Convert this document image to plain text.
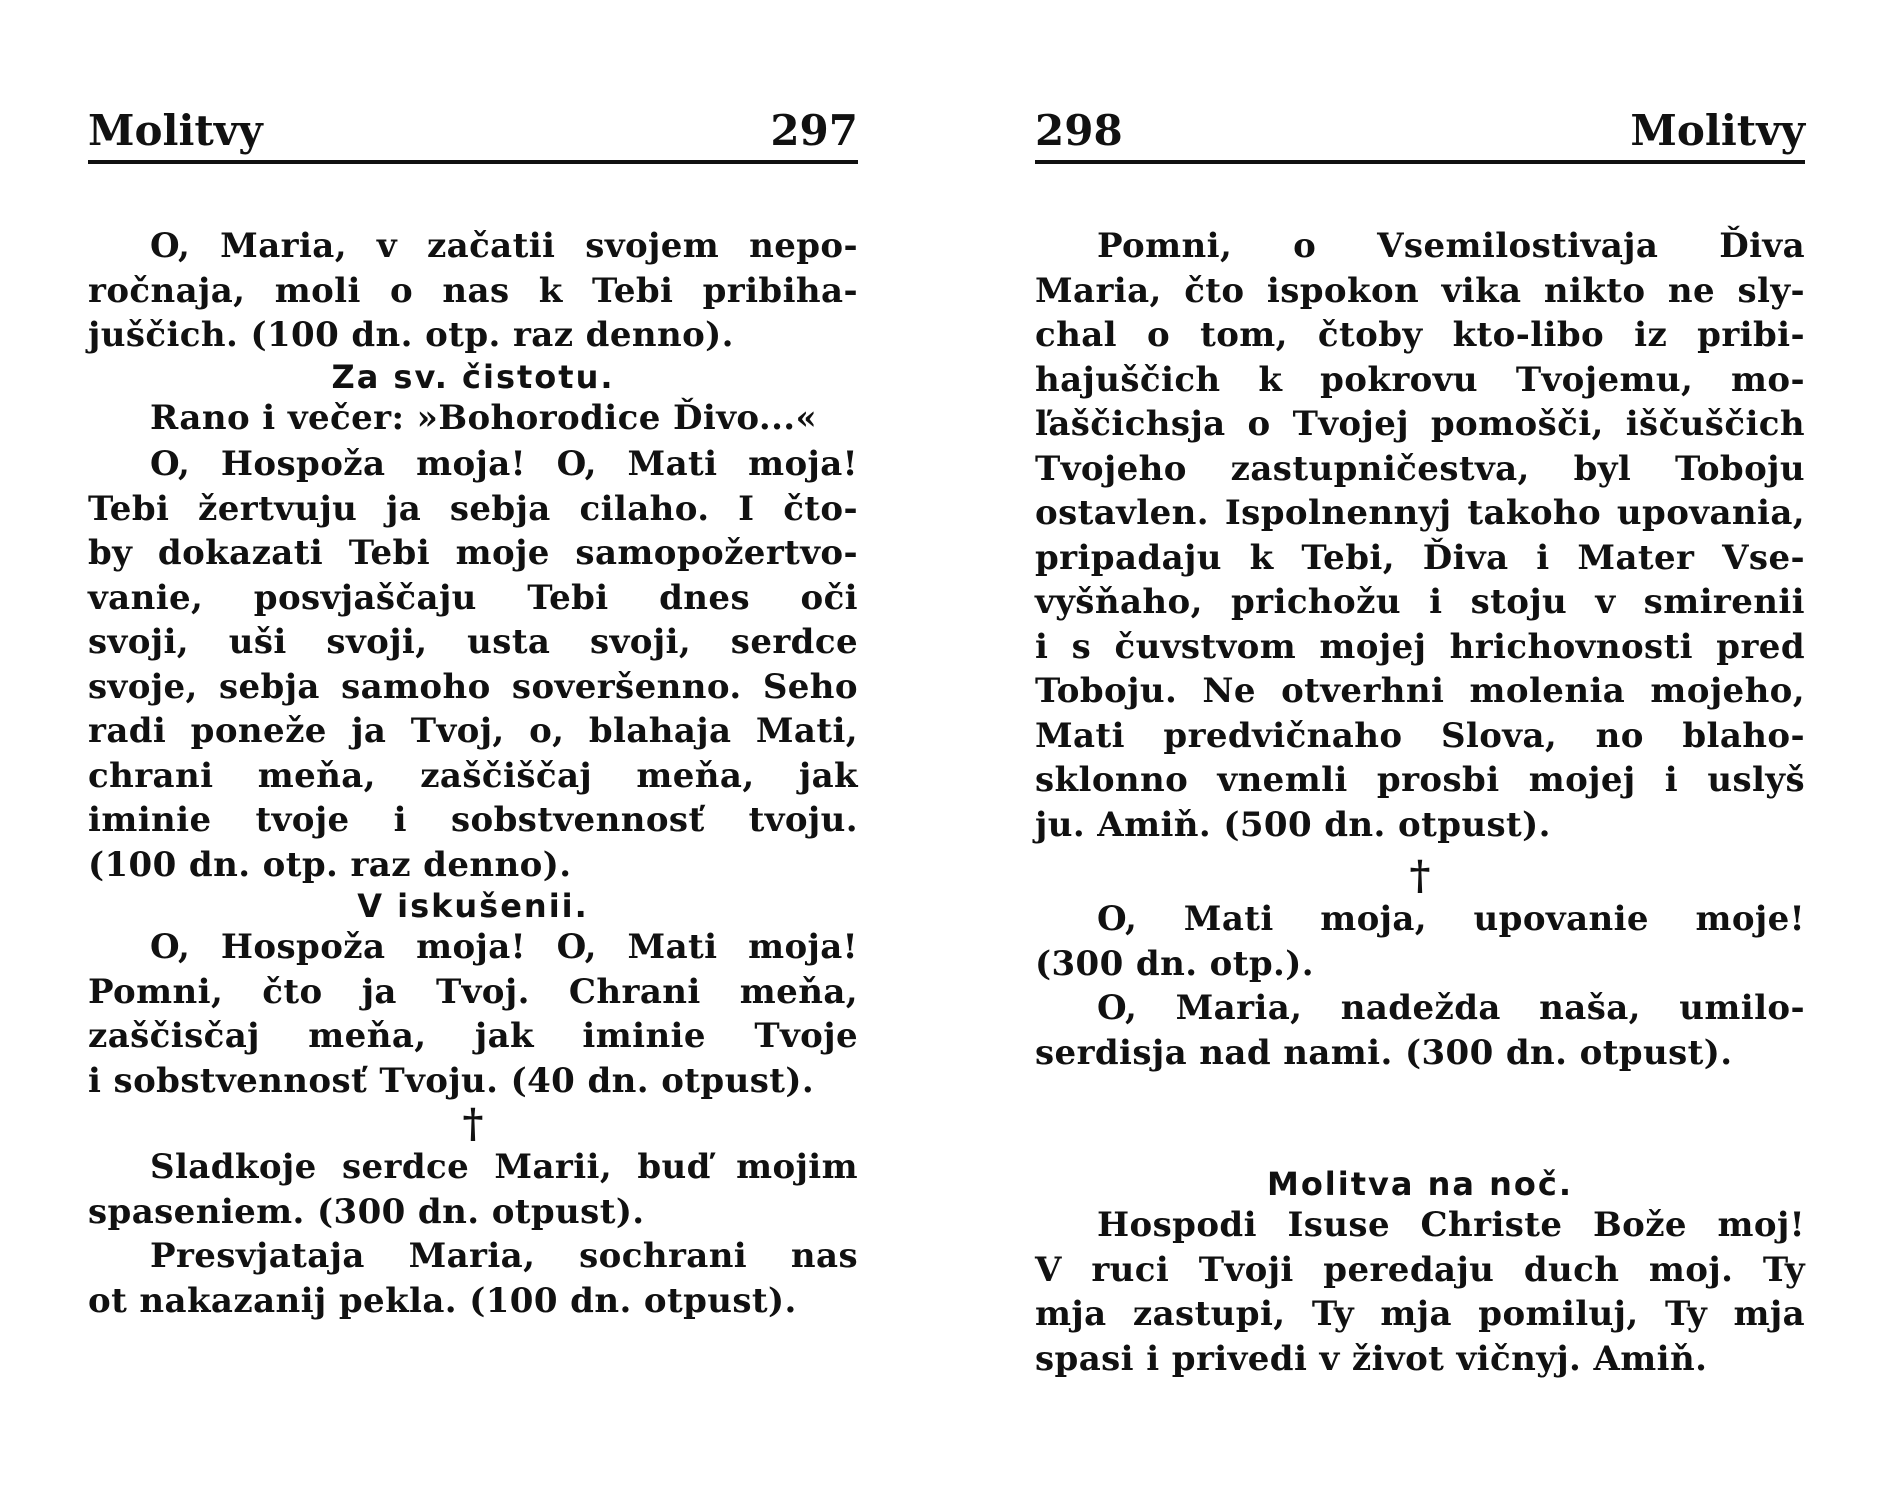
Molitvy	297
O, Maria, v začatii svojem nepo-
ročnaja, moli o nas k Tebi pribiha-
juščich. (100 dn. otp. raz denno).
Za sv. čistotu.
Rano i večer: »Bohorodice Ďivo...«
O, Hospoža moja! O, Mati moja!
Tebi žertvuju ja sebja cilaho. I čto-
by dokazati Tebi moje samopožertvo-
vanie, posvjaščaju Tebi dnes oči
svoji, uši svoji, usta svoji, serdce
svoje, sebja samoho soveršenno. Seho
radi poneže ja Tvoj, o, blahaja Mati,
chrani meňa, zaščiščaj meňa, jak
iminie tvoje i sobstvennosť tvoju.
(100 dn. otp. raz denno).
V iskušenii.
O, Hospoža moja! O, Mati moja!
Pomni, čto ja Tvoj. Chrani meňa,
zaščisčaj meňa, jak iminie Tvoje
i sobstvennosť Tvoju. (40 dn. otpust).
†
Sladkoje serdce Marii, buď mojim
spaseniem. (300 dn. otpust).
Presvjataja Maria, sochrani nas
ot nakazanij pekla. (100 dn. otpust).
298	Molitvy
Pomni, o Vsemilostivaja Ďiva
Maria, čto ispokon vika nikto ne sly-
chal o tom, čtoby kto-libo iz pribi-
hajuščich k pokrovu Tvojemu, mo-
ľaščichsja o Tvojej pomošči, iščuščich
Tvojeho zastupničestva, byl Toboju
ostavlen. Ispolnennyj takoho upovania,
pripadaju k Tebi, Ďiva i Mater Vse-
vyšňaho, prichožu i stoju v smirenii
i s čuvstvom mojej hrichovnosti pred
Toboju. Ne otverhni molenia mojeho,
Mati predvičnaho Slova, no blaho-
sklonno vnemli prosbi mojej i uslyš
ju. Amiň. (500 dn. otpust).
†
O, Mati moja, upovanie moje!
(300 dn. otp.).
O, Maria, nadežda naša, umilo-
serdisja nad nami. (300 dn. otpust).
Molitva na noč.
Hospodi Isuse Christe Bože moj!
V ruci Tvoji peredaju duch moj. Ty
mja zastupi, Ty mja pomiluj, Ty mja
spasi i privedi v život vičnyj. Amiň.
